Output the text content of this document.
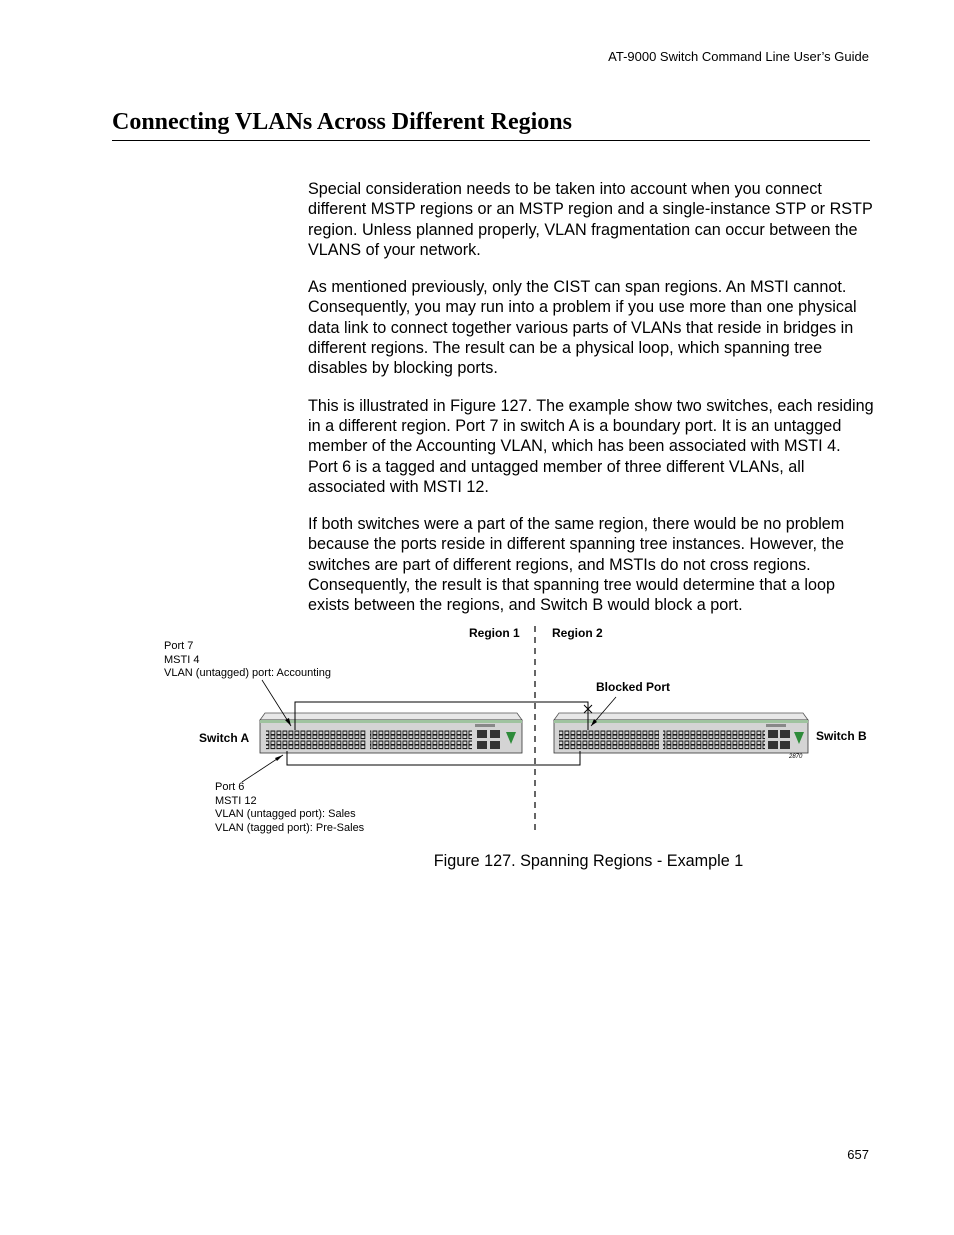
AT-9000 Switch Command Line User’s Guide
Connecting VLANs Across Different Regions

Special consideration needs to be taken into account when you connect different MSTP regions or an MSTP region and a single-instance STP or RSTP region. Unless planned properly, VLAN fragmentation can occur between the VLANS of your network.

As mentioned previously, only the CIST can span regions. An MSTI cannot. Consequently, you may run into a problem if you use more than one physical data link to connect together various parts of VLANs that reside in bridges in different regions. The result can be a physical loop, which spanning tree disables by blocking ports.

This is illustrated in Figure 127. The example show two switches, each residing in a different region. Port 7 in switch A is a boundary port. It is an untagged member of the Accounting VLAN, which has been associated with MSTI 4. Port 6 is a tagged and untagged member of three different VLANs, all associated with MSTI 12.

If both switches were a part of the same region, there would be no problem because the ports reside in different spanning tree instances. However, the switches are part of different regions, and MSTIs do not cross regions. Consequently, the result is that spanning tree would determine that a loop exists between the regions, and Switch B would block a port.

Region 1	Region 2
Port 7
MSTI 4
VLAN (untagged) port: Accounting
Blocked Port
Switch A	Switch B
2870
Port 6
MSTI 12
VLAN (untagged port): Sales
VLAN (tagged port): Pre-Sales
Figure 127. Spanning Regions - Example 1
657
